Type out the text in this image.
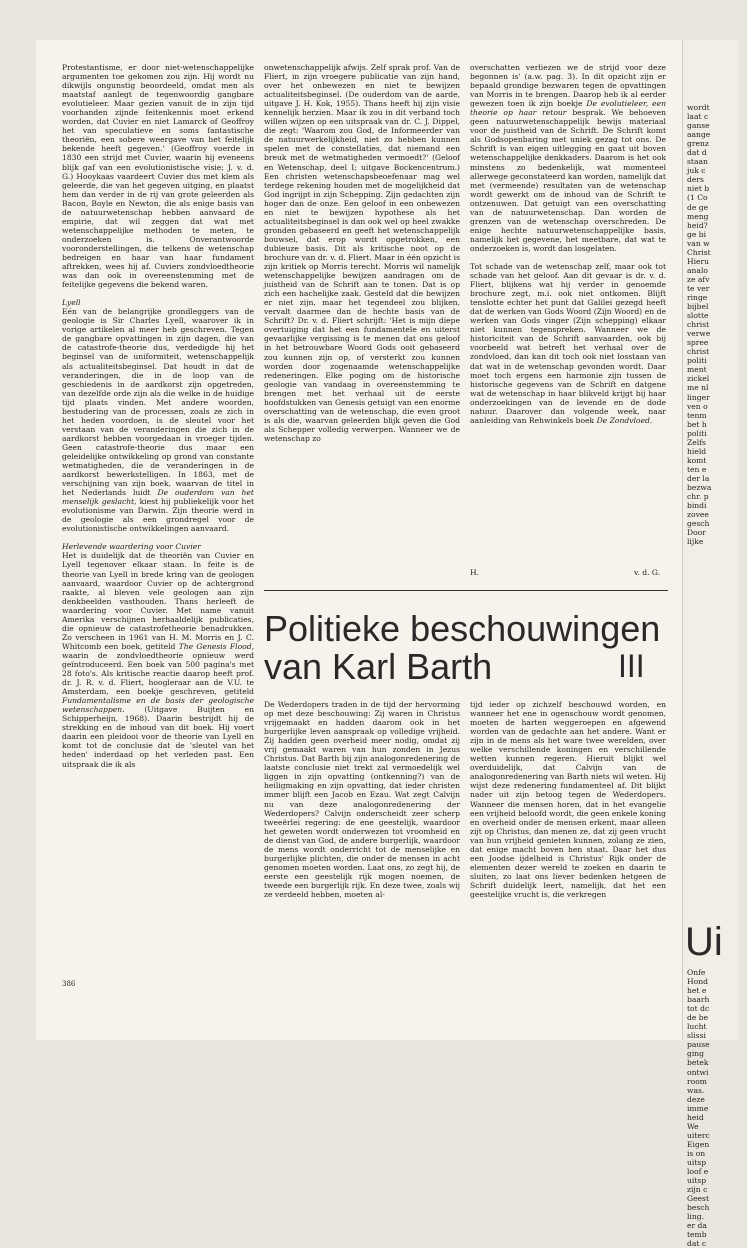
Protestantisme, er door niet-wetenschappelijke argumenten toe gekomen zou zijn. Hij wordt nu dikwijls ongunstig beoordeeld, omdat men als maatstaf aanlegt de tegenwoordig gangbare evolutieleer. Maar gezien vanuit de in zijn tijd voorhanden zijnde feitenkennis moet erkend worden, dat Cuvier en niet Lamarck of Geoffroy het van speculatieve en soms fantastische theoriën, een sobere weergave van het feitelijk bekende heeft gegeven.' (Geoffroy voerde in 1830 een strijd met Cuvier, waarin hij eveneens blijk gaf van een evolutionistische visie; J. v. d. G.) Hooykaas vaardeert Cuvier dus met klem als geleerde, die van het gegeven uitging, en plaatst hem dan verder in de rij van grote geleerden als Bacon, Boyle en Newton, die als enige basis van de natuurwetenschap hebben aanvaard de empirie, dat wil zeggen dat wat met wetenschappelijke methoden te meten, te onderzoeken is. Onverantwoorde vooronderstellingen, die telkens de wetenschap bedreigen en haar van haar fundament aftrekken, wees hij af. Cuviers zondvloedtheorie was dan ook in overeenstemming met de feitelijke gegevens die bekend waren.

Lyell

Eén van de belangrijke grondleggers van de geologie is Sir Charles Lyell, waarover ik in vorige artikelen al meer heb geschreven. Tegen de gangbare opvattingen in zijn dagen, die van de catastrofe-theorie dus, verdedigde hij het beginsel van de uniformiteit, wetenschappelijk als actualiteitsbeginsel. Dat houdt in dat de veranderingen, die in de loop van de geschiedenis in de aardkorst zijn opgetreden, van dezelfde orde zijn als die welke in de huidige tijd plaats vinden. Met andere woorden, bestudering van de processen, zoals ze zich in het heden voordoen, is de sleutel voor het verstaan van de veranderingen die zich in de aardkorst hebben voorgedaan in vroeger tijden. Geen catastrofe-theorie dus maar een geleidelijke ontwikkeling op grond van constante wetmatigheden, die de veranderingen in de aardkorst bewerkstelligen. In 1863, met de verschijning van zijn boek, waarvan de titel in het Nederlands luidt De ouderdom van het menselijk geslacht, kiest hij publiekelijk voor het evolutionisme van Darwin. Zijn theorie werd in de geologie als een grondregel voor de evolutionistische ontwikkelingen aanvaard.

Herlevende waardering voor Cuvier

Het is duidelijk dat de theoriën van Cuvier en Lyell tegenover elkaar staan. In feite is de theorie van Lyell in brede kring van de geologen aanvaard, waardoor Cuvier op de achtergrond raakte, al bleven vele geologen aan zijn denkbeelden vasthouden. Thans herleeft de waardering voor Cuvier. Met name vanuit Amerika verschijnen herhaaldelijk publicaties, die opnieuw de catastrofetheorie benadrukken. Zo verscheen in 1961 van H. M. Morris en J. C. Whitcomb een boek, getiteld The Genesis Flood, waarin de zondvloedtheorie opnieuw werd geïntroduceerd. Een boek van 500 pagina's met 28 foto's. Als kritische reactie daarop heeft prof. dr. J. R. v. d. Fliert, hoogleraar aan de V.U. te Amsterdam, een boekje geschreven, getiteld Fundamentalisme en de basis der geologische wetenschappen.	(Uitgave Buijten en Schipperheijn, 1968). Daarin bestrijdt hij de strekking en de inhoud van dit boek. Hij voert daarin een pleidooi voor de theorie van Lyell en komt tot de conclusie dat de 'sleutel van het heden' inderdaad op het verleden past. Een uitspraak die ik als

onwetenschappelijk afwijs. Zelf sprak prof. Van de Fliert, in zijn vroegere publicatie van zijn hand, over het onbewezen en niet te bewijzen actualiteitsbeginsel. (De ouderdom van de aarde, uitgave J. H. Kok, 1955). Thans heeft hij zijn visie kennelijk herzien. Maar ik zou in dit verband toch willen wijzen op een uitspraak van dr. C. J. Dippel, die zegt: 'Waarom zou God, de Informeerder van de natuurwerkelijkheid, niet zo hebben kunnen spelen met de constellaties, dat niemand een breuk met de wetmatigheden vermoedt?' (Geloof en Wetenschap, deel I; uitgave Bockencentrum.) Een christen wetenschapsbeoefenaar mag wel terdege rekening houden met de mogelijkheid dat God ingrijpt in zijn Schepping. Zijn gedachten zijn hoger dan de onze. Een geloof in een onbewezen en niet te bewijzen hypothese als het actualiteitsbeginsel is dan ook wel op heel zwakke gronden gebaseerd en geeft het wetenschappelijk bouwsel, dat erop wordt opgetrokken, een dubieuze basis. Dit als kritische noot op de brochure van dr. v. d. Fliert. Maar in één opzicht is zijn kritiek op Morris terecht. Morris wil namelijk wetenschappelijke bewijzen aandragen om de juistheid van de Schrift aan te tonen. Dat is op zich een hachelijke zaak. Gesteld dat die bewijzen er niet zijn, maar het tegendeel zou blijken, vervalt daarmee dan de hechte basis van de Schrift? Dr. v. d. Fliert schrijft: 'Het is mijn diepe overtuiging dat het een fundamentele en uiterst gevaarlijke vergissing is te menen dat ons geloof in het betrouwbare Woord Gods ooit gebaseerd zou kunnen zijn op, of versterkt zou kunnen worden door zogenaamde wetenschappelijke redeneringen. Elke poging om de historische geologie van vandaag in overeenstemming te brengen met het verhaal uit de eerste hoofdstukken van Genesis getuigt van een enorme overschatting van de wetenschap, die even groot is als die, waarvan geleerden blijk geven die God als Schepper volledig verwerpen. Wanneer we de wetenschap zo

overschatten verliezen we de strijd voor deze begonnen is' (a.w. pag. 3). In dit opzicht zijn er bepaald grondige bezwaren tegen de opvattingen van Morris in te brengen. Daarop heb ik al eerder gewezen toen ik zijn boekje De evolutieleer, een theorie op haar retour besprak. We behoeven geen natuurwetenschappelijk bewijs materiaal voor de juistheid van de Schrift. De Schrift komt als Godsopenbaring met uniek gezag tot ons. De Schrift is van eigen uitlegging en gaat uit boven wetenschappelijke denkkaders. Daarom is het ook minstens zo bedenkelijk, wat momenteel allerwege geconstateerd kan worden, namelijk dat met (vermeende) resultaten van de wetenschap wordt gewerkt om de inhoud van de Schrift te ontzenuwen. Dat getuigt van een overschatting van de natuurwetenschap. Dan worden de grenzen van de wetenschap overschreden. De enige hechte natuurwetenschappelijke basis, namelijk het gegevene, het meetbare, dat wat te onderzoeken is, wordt dan losgelaten.

Tot schade van de wetenschap zelf, maar ook tot schade van het geloof. Aan dit gevaar is dr. v. d. Fliert, blijkens wat hij verder in genoemde brochure zegt, m.i. ook niet ontkomen. Blijft tenslotte echter het punt dat Galilei gezegd heeft dat de werken van Gods Woord (Zijn Woord) en de werken van Gods vinger (Zijn schepping) elkaar niet kunnen tegenspreken. Wanneer we de historiciteit van de Schrift aanvaarden, ook bij voorbeeld wat betreft het verhaal over de zondvloed, dan kan dit toch ook niet losstaan van dat wat in de wetenschap gevonden wordt. Daar moet toch ergens een harmonie zijn tussen de historische gegevens van de Schrift en datgene wat de wetenschap in haar blikveld krijgt bij haar onderzoekingen van de levende en de dode natuur. Daarover dan volgende week, naar aanleiding van Rehwinkels boek De Zondvloed.

H.	v. d. G.
Politieke beschouwingen van Karl Barth	III

De Wederdopers traden in de tijd der hervorming op met deze beschouwing: Zij waren in Christus vrijgemaakt en hadden daarom ook in het burgerlijke leven aanspraak op volledige vrijheid. Zij hadden geen overheid meer nodig, omdat zij vrij gemaakt waren van hun zonden in Jezus Christus. Dat Barth bij zijn analogonredenering de laatste conclusie niet trekt zal vermoedelijk wel liggen in zijn opvatting (ontkenning?) van de heiligmaking en zijn opvatting, dat ieder christen immer blijft een Jacob en Ezau. Wat zegt Calvijn nu van deze analogonredenering der Wederdopers? Calvijn onderscheidt zeer scherp tweeërlei regering: de ene geestelijk, waardoor het geweten wordt onderwezen tot vroomheid en de dienst van God, de andere burgerlijk, waardoor de mens wordt onderricht tot de menselijke en burgerlijke plichten, die onder de mensen in acht genomen moeten worden. Laat ons, zo zegt hij, de eerste een geestelijk rijk mogen noemen, de tweede een burgerlijk rijk. En deze twee, zoals wij ze verdeeld hebben, moeten al-

tijd ieder op zichzelf beschouwd worden, en wanneer het ene in ogenschouw wordt genomen, moeten de harten weggeroepen en afgewend worden van de gedachte aan het andere. Want er zijn in de mens als het ware twee werelden, over welke verschillende koningen en verschillende wetten kunnen regeren. Hieruit blijkt wel overduidelijk, dat Calvijn van de analogonredenering van Barth niets wil weten. Hij wijst deze redenering fundamenteel af. Dit blijkt nader uit zijn betoog tegen de Wederdopers. Wanneer die mensen horen, dat in het evangelie een vrijheid beloofd wordt, die geen enkele koning en overheid onder de mensen erkent, maar alleen zijt op Christus, dan menen ze, dat zij geen vrucht van hun vrijheid genieten kunnen, zolang ze zien, dat enige macht boven hen staat. Daar het dus een Joodse ijdelheid is Christus' Rijk onder de elementen dezer wereld te zoeken en daarin te sluiten, zo laat ons liever bedenken hetgeen de Schrift duidelijk leert, namelijk, dat het een geestelijke vrucht is, die verkregen

386
wordt
laat c
ganse
aange
grenz
dat d
staan
juk c
ders
niet b
(1 Co
de ge
meng
heid?
ge bi
van w
Christ
Hieru
analo
ze afv
te ver
ringe
bijbel
slotte
christ
verwe
spree
christ
politi
ment
zickel
me nl
linger
ven o
tenm
bet h
politi
Zelfs
hield
komt
ten e
der la
bezwa
chr. p
bindi
zovee
gesch
Door
lijke
Ui
Onfe
Hond
het e
baarh
tot dc
de be
lucht
slissi
pause
ging
betek
ontwi
room
was.
deze
imme
heid
We
uiterc
Eigen
is on
uitsp
loof e
uitsp
zijn c
Geest
besch
ling.
er da
temb
dat c
